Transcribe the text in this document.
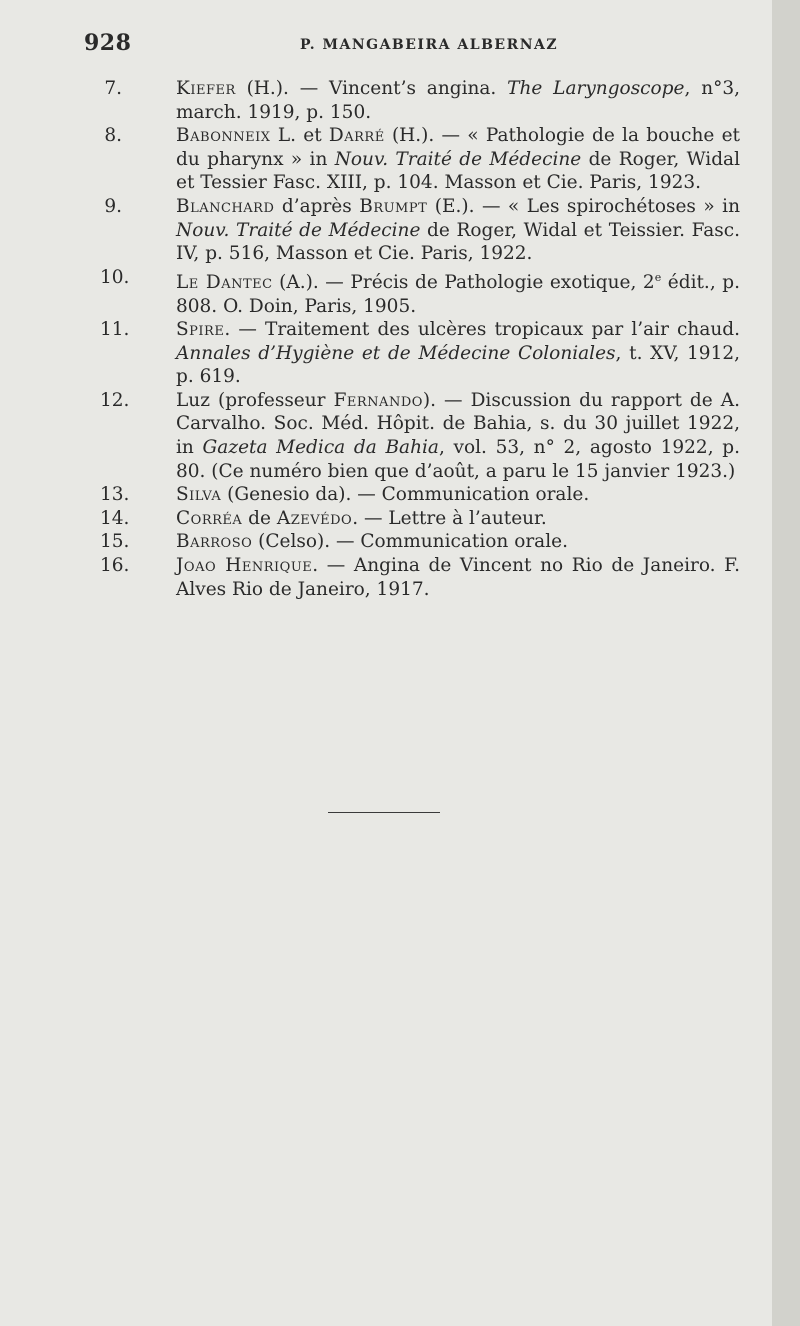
928	P. MANGABEIRA ALBERNAZ
7.	Kiefer (H.). — Vincent’s angina. The Laryngoscope, n°3, march. 1919, p. 150.
8.	Babonneix L. et Darré (H.). — « Pathologie de la bouche et du pharynx » in Nouv. Traité de Médecine de Roger, Widal et Tessier Fasc. XIII, p. 104. Masson et Cie. Paris, 1923.
9.	Blanchard d’après Brumpt (E.). — « Les spirochétoses » in Nouv. Traité de Médecine de Roger, Widal et Teissier. Fasc. IV, p. 516, Masson et Cie. Paris, 1922.
10.	Le Dantec (A.). — Précis de Pathologie exotique, 2e édit., p. 808. O. Doin, Paris, 1905.
11.	Spire. — Traitement des ulcères tropicaux par l’air chaud. Annales d’Hygiène et de Médecine Coloniales, t. XV, 1912, p. 619.
12.	Luz (professeur Fernando). — Discussion du rapport de A. Carvalho. Soc. Méd. Hôpit. de Bahia, s. du 30 juillet 1922, in Gazeta Medica da Bahia, vol. 53, n° 2, agosto 1922, p. 80. (Ce numéro bien que d’août, a paru le 15 janvier 1923.)
13.	Silva (Genesio da). — Communication orale.
14.	Corréa de Azevédo. — Lettre à l’auteur.
15.	Barroso (Celso). — Communication orale.
16.	Joao Henrique. — Angina de Vincent no Rio de Janeiro. F. Alves Rio de Janeiro, 1917.
